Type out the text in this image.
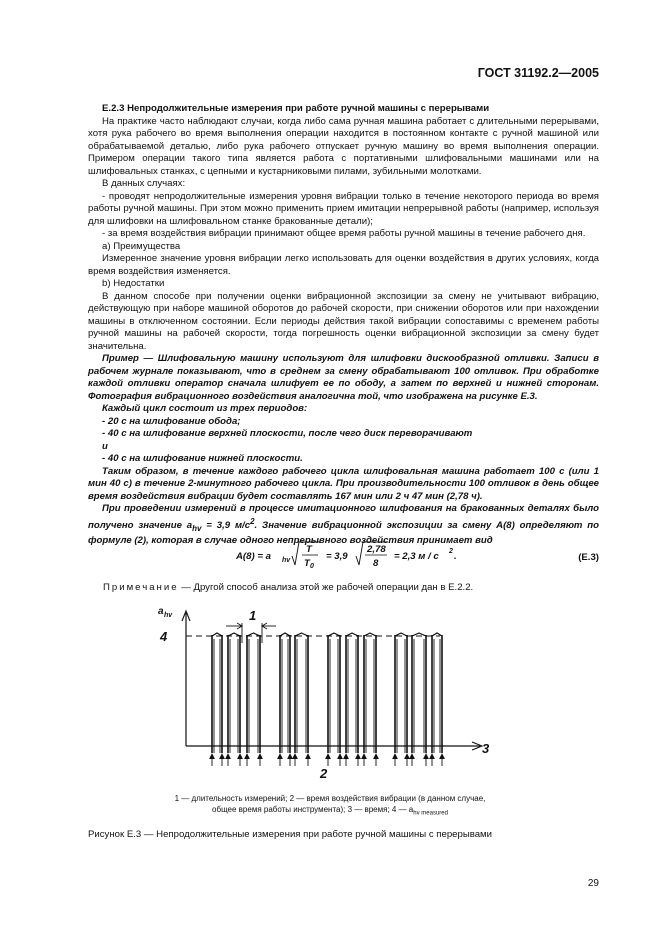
ГОСТ 31192.2—2005

Е.2.3 Непродолжительные измерения при работе ручной машины с перерывами

На практике часто наблюдают случаи, когда либо сама ручная машина работает с длительными перерывами, хотя рука рабочего во время выполнения операции находится в постоянном контакте с ручной машиной или обрабатываемой деталью, либо рука рабочего отпускает ручную машину во время выполнения операции. Примером операции такого типа является работа с портативными шлифовальными машинами или на шлифовальных станках, с цепными и кустарниковыми пилами, зубильными молотками.

В данных случаях:

- проводят непродолжительные измерения уровня вибрации только в течение некоторого периода во время работы ручной машины. При этом можно применить прием имитации непрерывной работы (например, используя для шлифовки на шлифовальном станке бракованные детали);

- за время воздействия вибрации принимают общее время работы ручной машины в течение рабочего дня.

а) Преимущества

Измеренное значение уровня вибрации легко использовать для оценки воздействия в других условиях, когда время воздействия изменяется.

b) Недостатки

В данном способе при получении оценки вибрационной экспозиции за смену не учитывают вибрацию, действующую при наборе машиной оборотов до рабочей скорости, при снижении оборотов или при нахождении машины в отключенном состоянии. Если периоды действия такой вибрации сопоставимы с временем работы ручной машины на рабочей скорости, тогда погрешность оценки вибрационной экспозиции за смену будет значительна.

Пример — Шлифовальную машину используют для шлифовки дискообразной отливки. Записи в рабочем журнале показывают, что в среднем за смену обрабатывают 100 отливок. При обработке каждой отливки оператор сначала шлифует ее по ободу, а затем по верхней и нижней сторонам. Фотография вибрационного воздействия аналогична той, что изображена на рисунке Е.3.

Каждый цикл состоит из трех периодов:

- 20 с на шлифование обода;

- 40 с на шлифование верхней плоскости, после чего диск переворачивают

и

- 40 с на шлифование нижней плоскости.

Таким образом, в течение каждого рабочего цикла шлифовальная машина работает 100 с (или 1 мин 40 с) в течение 2-минутного рабочего цикла. При производительности 100 отливок в день общее время воздействия вибрации будет составлять 167 мин или 2 ч 47 мин (2,78 ч).

При проведении измерений в процессе имитационного шлифования на бракованных деталях было получено значение $a_{hv} = 3,9$ $м/с^2$. Значение вибрационной экспозиции за смену A(8) определяют по формуле (2), которая в случае одного непрерывного воздействия принимает вид

A(8) = a hv
T
T 0
= 3,9
2,78
8
= 2,3 м / с 2 .	(Е.3)
Примечание — Другой способ анализа этой же рабочей операции дан в Е.2.2.
a hv
4
1
3
2
1 — длительность измерений; 2 — время воздействия вибрации (в данном случае,
общее время работы инструмента); 3 — время; 4 — $a_{hv measured}$
Рисунок Е.3 — Непродолжительные измерения при работе ручной машины с перерывами
29
